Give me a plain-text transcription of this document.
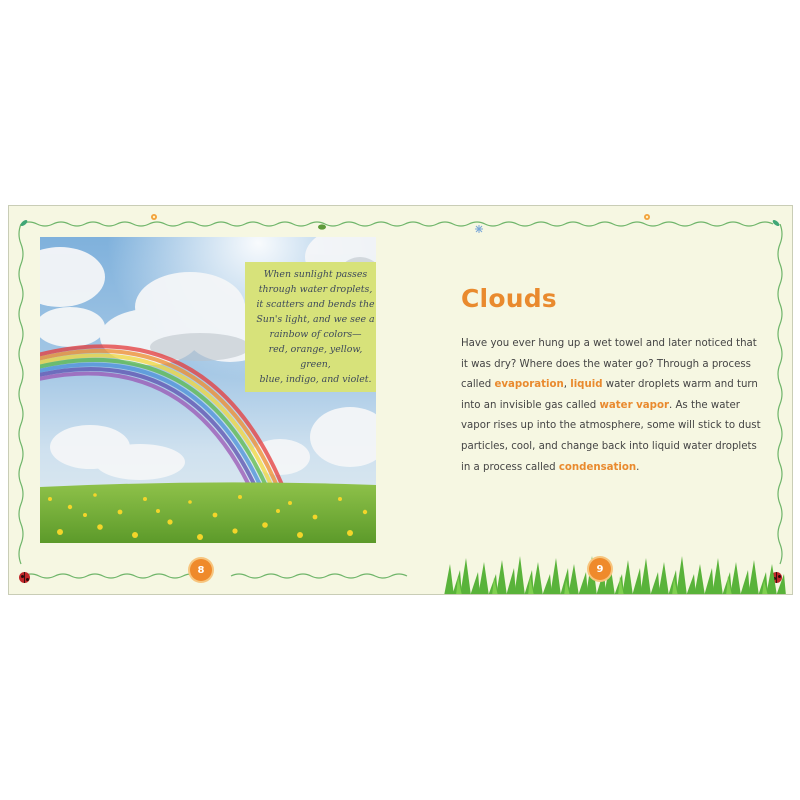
When sunlight passes
through water droplets,
it scatters and bends the
Sun's light, and we see a
rainbow of colors—
red, orange, yellow, green,
blue, indigo, and violet.
Clouds

Have you ever hung up a wet towel and later noticed that it was dry? Where does the water go? Through a process called evaporation, liquid water droplets warm and turn into an invisible gas called water vapor. As the water vapor rises up into the atmosphere, some will stick to dust particles, cool, and change back into liquid water droplets in a process called condensation.

8	9
